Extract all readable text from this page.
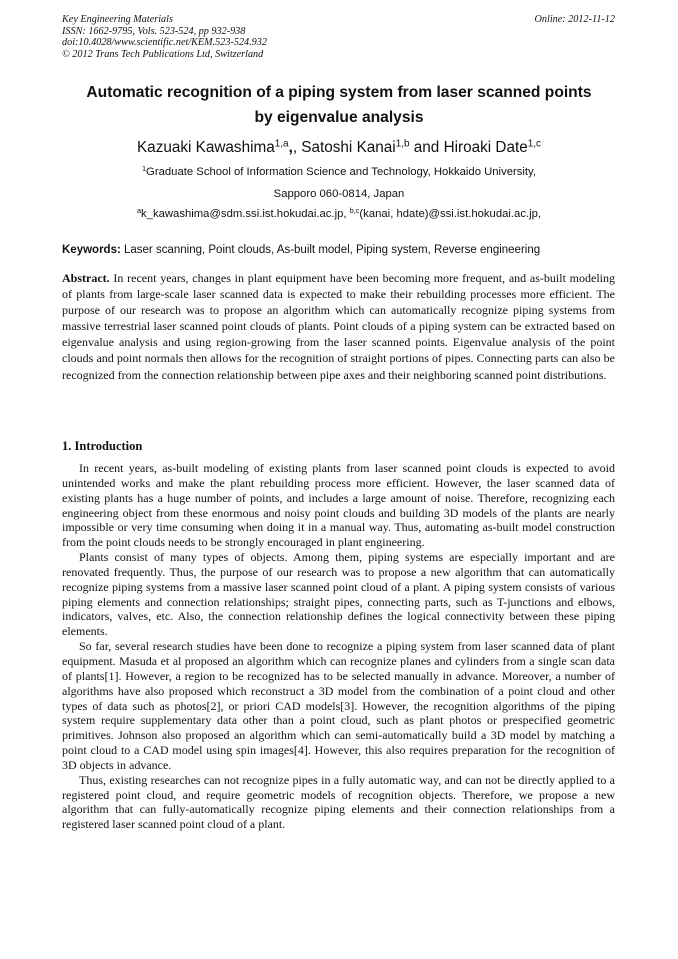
Key Engineering Materials
ISSN: 1662-9795, Vols. 523-524, pp 932-938
doi:10.4028/www.scientific.net/KEM.523-524.932
© 2012 Trans Tech Publications Ltd, Switzerland
Online: 2012-11-12
Automatic recognition of a piping system from laser scanned points
by eigenvalue analysis
Kazuaki Kawashima$^{1,a}$,, Satoshi Kanai$^{1,b}$ and Hiroaki Date$^{1,c}$
$^1$Graduate School of Information Science and Technology, Hokkaido University,
Sapporo 060-0814, Japan
$^a$k_kawashima@sdm.ssi.ist.hokudai.ac.jp, $^{b,c}$(kanai, hdate)@ssi.ist.hokudai.ac.jp,
Keywords: Laser scanning, Point clouds, As-built model, Piping system, Reverse engineering
Abstract. In recent years, changes in plant equipment have been becoming more frequent, and as-built modeling of plants from large-scale laser scanned data is expected to make their rebuilding processes more efficient. The purpose of our research was to propose an algorithm which can automatically recognize piping systems from massive terrestrial laser scanned point clouds of plants. Point clouds of a piping system can be extracted based on eigenvalue analysis and using region-growing from the laser scanned points. Eigenvalue analysis of the point clouds and point normals then allows for the recognition of straight portions of pipes. Connecting parts can also be recognized from the connection relationship between pipe axes and their neighboring scanned point distributions.
1. Introduction

In recent years, as-built modeling of existing plants from laser scanned point clouds is expected to avoid unintended works and make the plant rebuilding process more efficient. However, the laser scanned data of existing plants has a huge number of points, and includes a large amount of noise. Therefore, recognizing each engineering object from these enormous and noisy point clouds and building 3D models of the plants are nearly impossible or very time consuming when doing it in a manual way. Thus, automating as-built model construction from the point clouds needs to be strongly encouraged in plant engineering.

Plants consist of many types of objects. Among them, piping systems are especially important and are renovated frequently. Thus, the purpose of our research was to propose a new algorithm that can automatically recognize piping systems from a massive laser scanned point cloud of a plant. A piping system consists of various piping elements and connection relationships; straight pipes, connecting parts, such as T-junctions and elbows, indicators, valves, etc. Also, the connection relationship defines the logical connectivity between these piping elements.

So far, several research studies have been done to recognize a piping system from laser scanned data of plant equipment. Masuda et al proposed an algorithm which can recognize planes and cylinders from a single scan data of plants[1]. However, a region to be recognized has to be selected manually in advance. Moreover, a number of algorithms have also proposed which reconstruct a 3D model from the combination of a point cloud and other types of data such as photos[2], or priori CAD models[3]. However, the recognition algorithms of the piping system require supplementary data other than a point cloud, such as plant photos or prespecified geometric primitives. Johnson also proposed an algorithm which can semi-automatically build a 3D model by matching a point cloud to a CAD model using spin images[4]. However, this also requires preparation for the recognition of 3D objects in advance.

Thus, existing researches can not recognize pipes in a fully automatic way, and can not be directly applied to a registered point cloud, and require geometric models of recognition objects. Therefore, we propose a new algorithm that can fully-automatically recognize piping elements and their connection relationships from a registered laser scanned point cloud of a plant.
